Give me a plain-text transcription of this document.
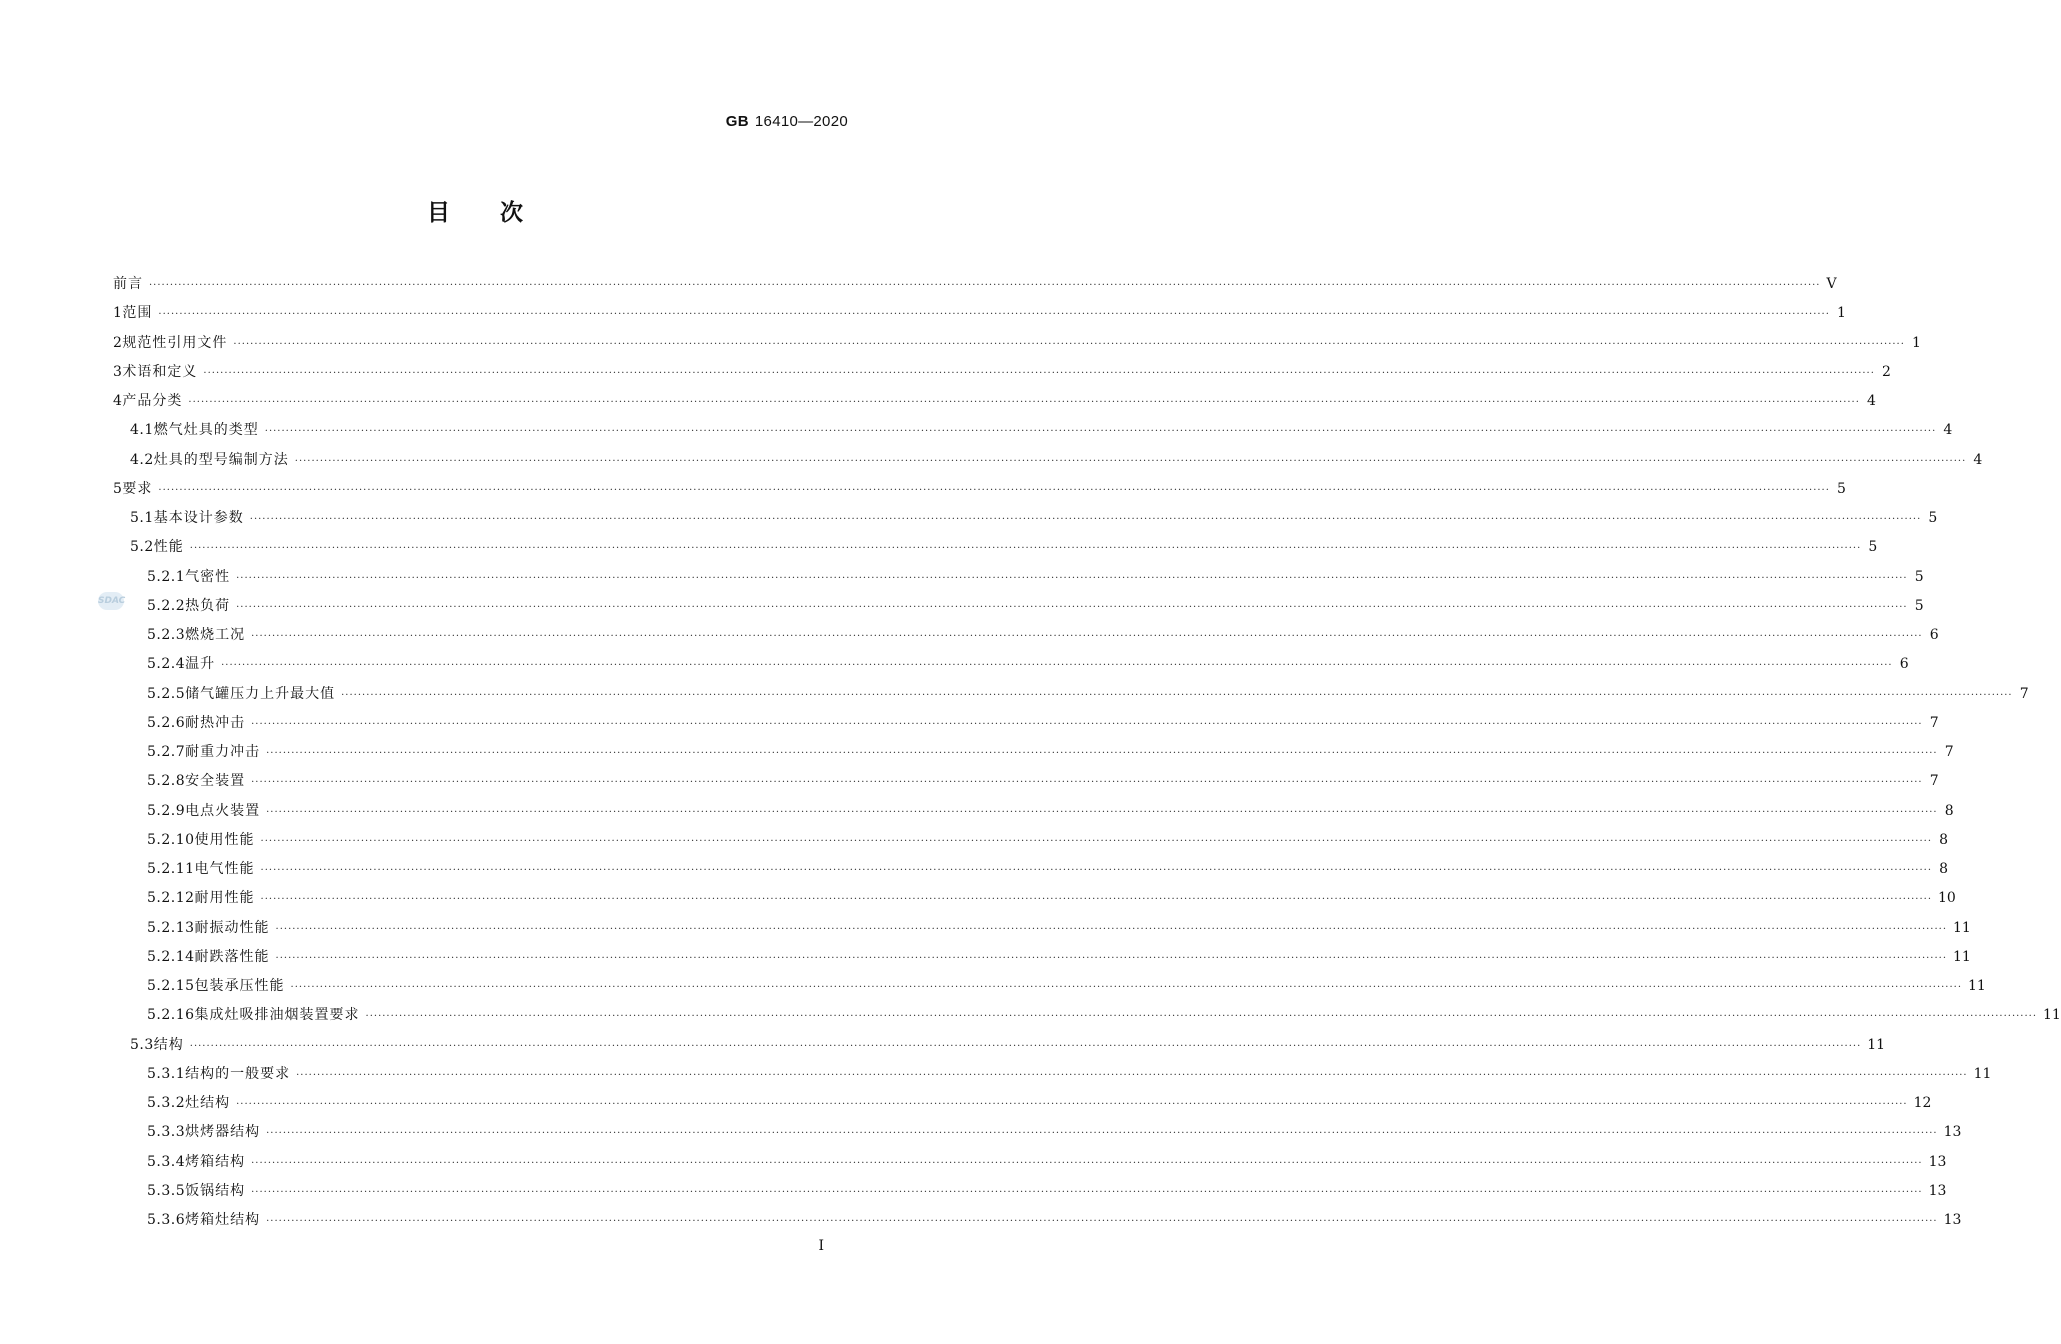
GB 16410—2020
目次
SDAC
前言 ················································································································································································································································································································································································································ V
1 范围 ················································································································································································································································································································································································································ 1
2 规范性引用文件 ················································································································································································································································································································································································································ 1
3 术语和定义 ················································································································································································································································································································································································································ 2
4 产品分类 ················································································································································································································································································································································································································ 4
4.1 燃气灶具的类型 ················································································································································································································································································································································································································ 4
4.2 灶具的型号编制方法 ················································································································································································································································································································································································································ 4
5 要求 ················································································································································································································································································································································································································ 5
5.1 基本设计参数 ················································································································································································································································································································································································································ 5
5.2 性能 ················································································································································································································································································································································································································ 5
5.2.1 气密性 ················································································································································································································································································································································································································ 5
5.2.2 热负荷 ················································································································································································································································································································································································································ 5
5.2.3 燃烧工况 ················································································································································································································································································································································································································ 6
5.2.4 温升 ················································································································································································································································································································································································································ 6
5.2.5 储气罐压力上升最大值 ················································································································································································································································································································································································································ 7
5.2.6 耐热冲击 ················································································································································································································································································································································································································ 7
5.2.7 耐重力冲击 ················································································································································································································································································································································································································ 7
5.2.8 安全装置 ················································································································································································································································································································································································································ 7
5.2.9 电点火装置 ················································································································································································································································································································································································································ 8
5.2.10 使用性能 ················································································································································································································································································································································································································ 8
5.2.11 电气性能 ················································································································································································································································································································································································································ 8
5.2.12 耐用性能 ················································································································································································································································································································································································································ 10
5.2.13 耐振动性能 ················································································································································································································································································································································································································ 11
5.2.14 耐跌落性能 ················································································································································································································································································································································································································ 11
5.2.15 包装承压性能 ················································································································································································································································································································································································································ 11
5.2.16 集成灶吸排油烟装置要求 ················································································································································································································································································································································································································ 11
5.3 结构 ················································································································································································································································································································································································································ 11
5.3.1 结构的一般要求 ················································································································································································································································································································································································································ 11
5.3.2 灶结构 ················································································································································································································································································································································································································ 12
5.3.3 烘烤器结构 ················································································································································································································································································································································································································ 13
5.3.4 烤箱结构 ················································································································································································································································································································································································································ 13
5.3.5 饭锅结构 ················································································································································································································································································································································································································ 13
5.3.6 烤箱灶结构 ················································································································································································································································································································································································································ 13
I
